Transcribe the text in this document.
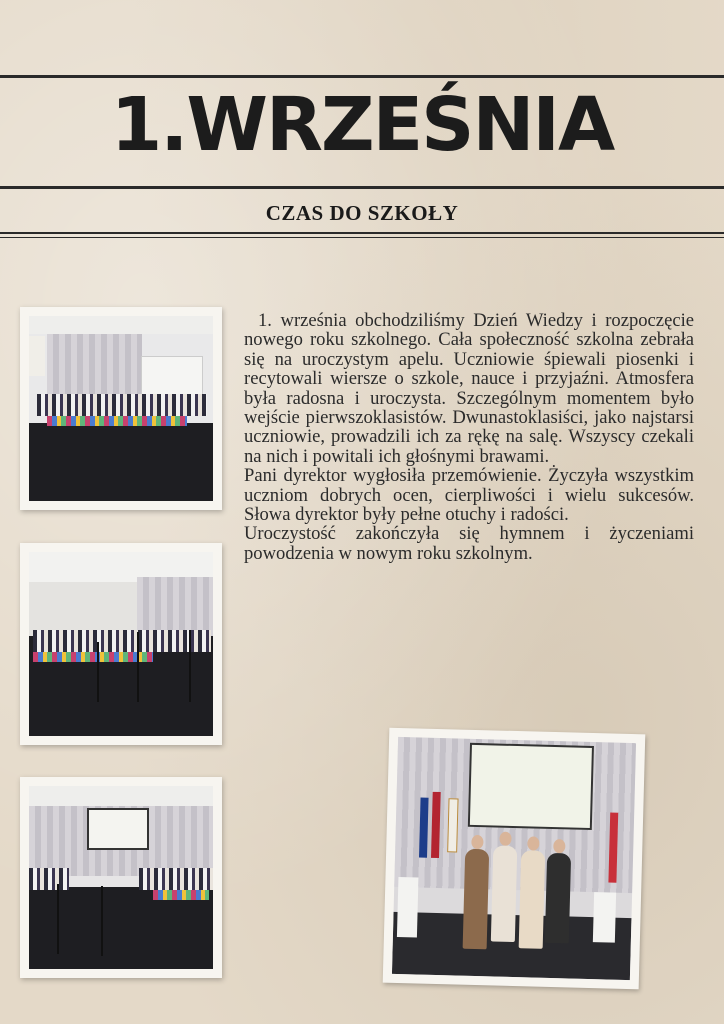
1.WRZEŚNIA
CZAS DO SZKOŁY

1. września obchodziliśmy Dzień Wiedzy i rozpoczęcie nowego roku szkolnego. Cała społeczność szkolna zebrała się na uroczystym apelu. Uczniowie śpiewali piosenki i recytowali wiersze o szkole, nauce i przyjaźni. Atmosfera była radosna i uroczysta. Szczególnym momentem było wejście pierwszoklasistów. Dwunastoklasiści, jako najstarsi uczniowie, prowadzili ich za rękę na salę. Wszyscy czekali na nich i powitali ich głośnymi brawami.

Pani dyrektor wygłosiła przemówienie. Życzyła wszystkim uczniom dobrych ocen, cierpliwości i wielu sukcesów. Słowa dyrektor były pełne otuchy i radości.

Uroczystość zakończyła się hymnem i życzeniami powodzenia w nowym roku szkolnym.
